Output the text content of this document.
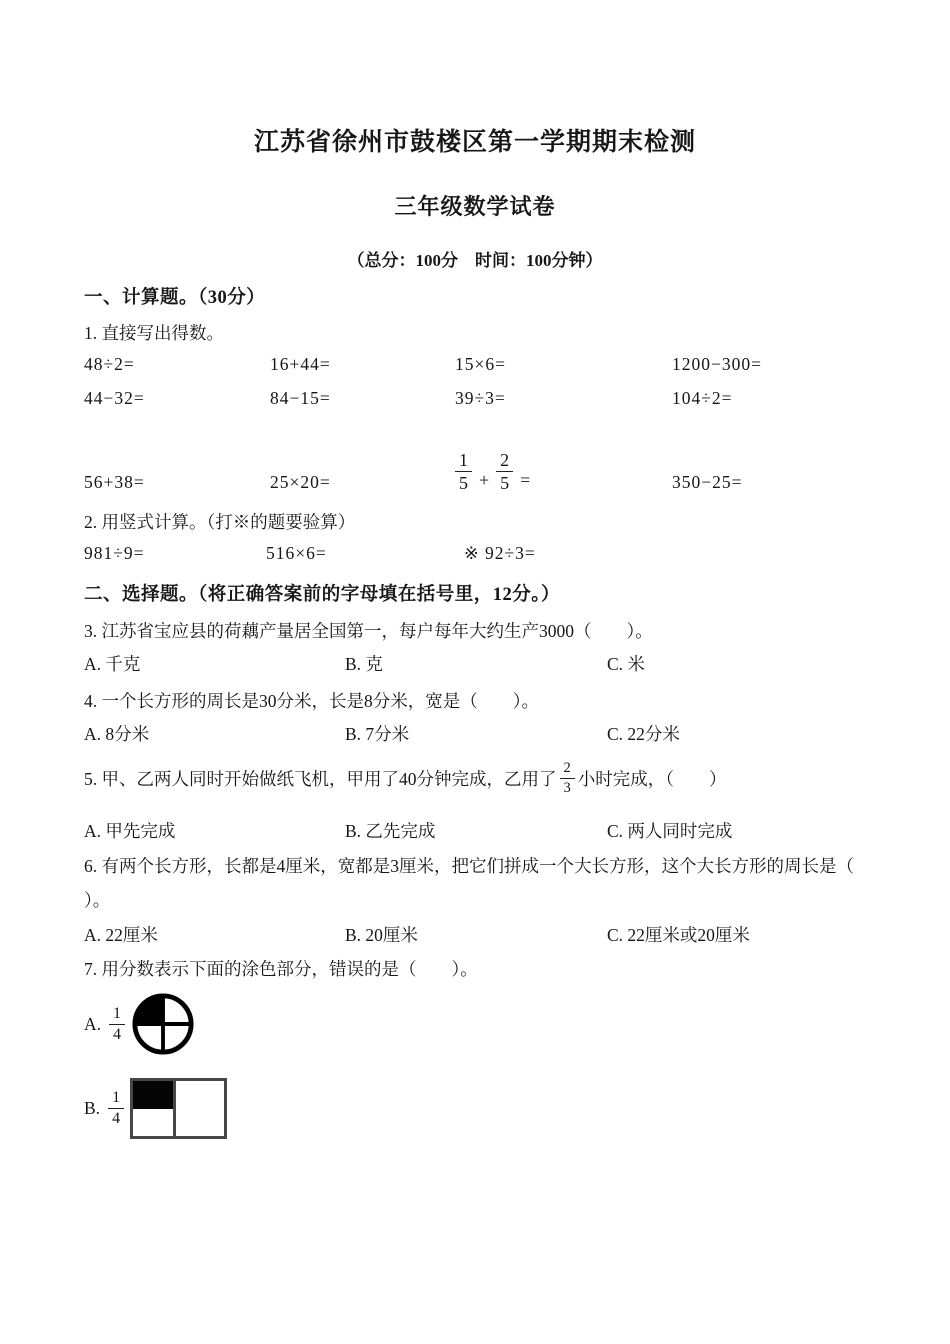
江苏省徐州市鼓楼区第一学期期末检测
三年级数学试卷
（总分：100分　时间：100分钟）
一、计算题。（30分）
1. 直接写出得数。
48÷2=	16+44=	15×6=	1200−300=
44−32=	84−15=	39÷3=	104÷2=
56+38=	25×20=	$\frac{1}{5} + \frac{2}{5}$ =	350−25=
2. 用竖式计算。（打※的题要验算）
981÷9=	516×6=	※ 92÷3=
二、选择题。（将正确答案前的字母填在括号里，12分。）
3. 江苏省宝应县的荷藕产量居全国第一，每户每年大约生产3000（　　）。
A. 千克	B. 克	C. 米
4. 一个长方形的周长是30分米，长是8分米，宽是（　　）。
A. 8分米	B. 7分米	C. 22分米
5. 甲、乙两人同时开始做纸飞机，甲用了40分钟完成，乙用了 $\frac{2}{3}$ 小时完成，（　　）
A. 甲先完成	B. 乙先完成	C. 两人同时完成
6. 有两个长方形，长都是4厘米，宽都是3厘米，把它们拼成一个大长方形，这个大长方形的周长是（
）。
A. 22厘米	B. 20厘米	C. 22厘米或20厘米
7. 用分数表示下面的涂色部分，错误的是（　　）。
A. $\frac{1}{4}$
B. $\frac{1}{4}$
